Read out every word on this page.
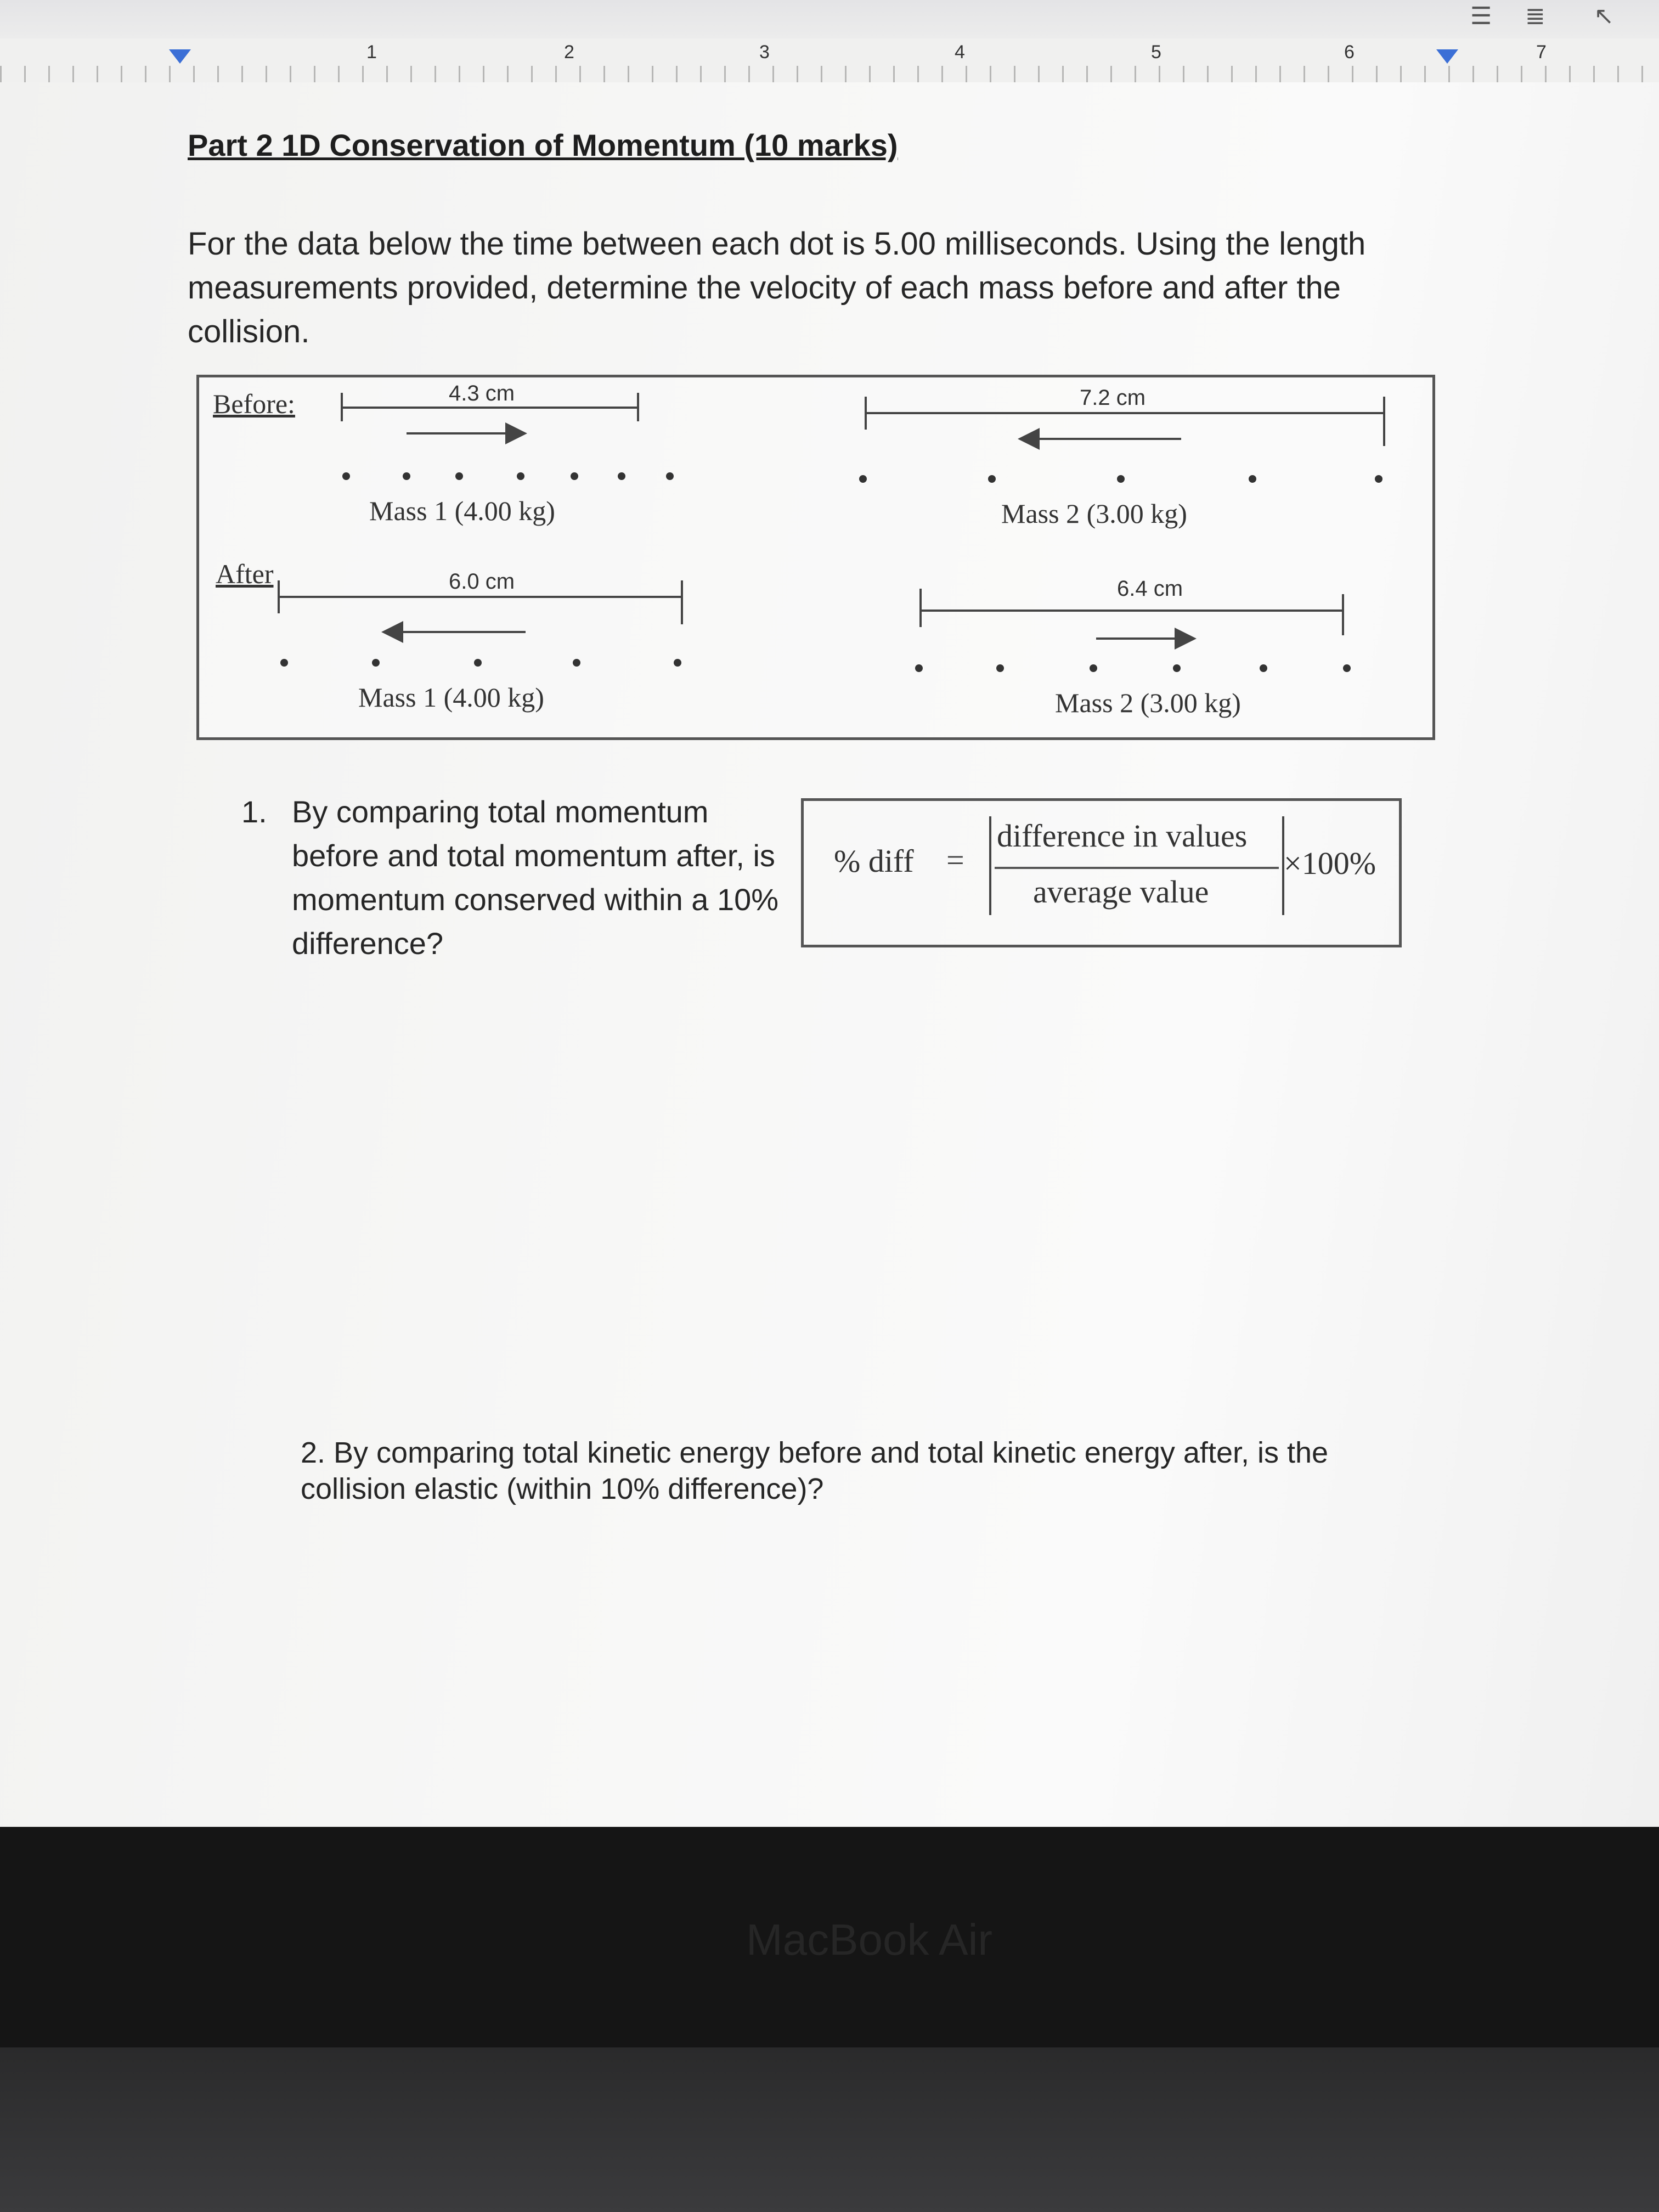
☰ ≣ ↖
1	2	3	4	5	6	7
Part 2 1D Conservation of Momentum (10 marks)

For the data below the time between each dot is 5.00 milliseconds. Using the length measurements provided, determine the velocity of each mass before and after the collision.

Before:
After
4.3 cm
Mass 1 (4.00 kg)
7.2 cm
Mass 2 (3.00 kg)
6.0 cm
Mass 1 (4.00 kg)
6.4 cm
Mass 2 (3.00 kg)
1. By comparing total momentum before and total momentum after, is momentum conserved within a 10% difference?
% diff =
difference in values
average value
×100%
2. By comparing total kinetic energy before and total kinetic energy after, is the collision elastic (within 10% difference)?
MacBook Air
